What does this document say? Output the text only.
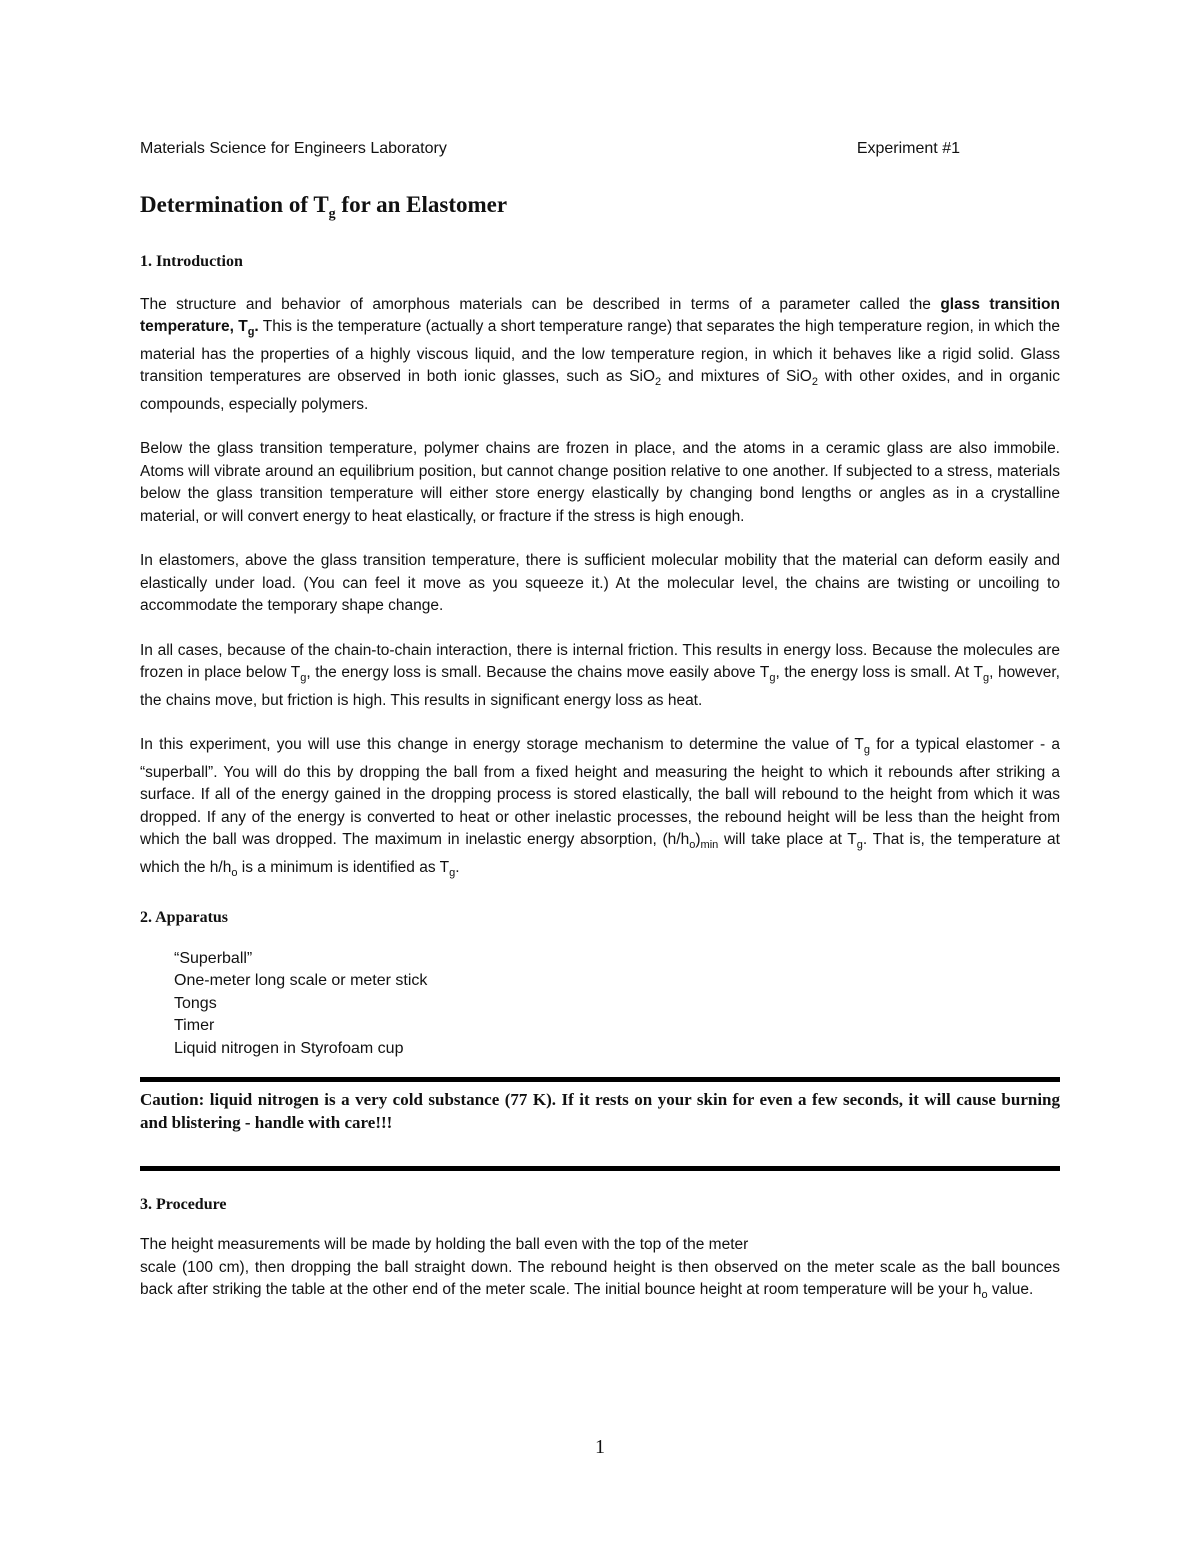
Materials Science for Engineers Laboratory	Experiment #1
Determination of $T_g$ for an Elastomer
1. Introduction

The structure and behavior of amorphous materials can be described in terms of a parameter called the glass transition temperature, $T_g$. This is the temperature (actually a short temperature range) that separates the high temperature region, in which the material has the properties of a highly viscous liquid, and the low temperature region, in which it behaves like a rigid solid. Glass transition temperatures are observed in both ionic glasses, such as SiO$_2$ and mixtures of SiO$_2$ with other oxides, and in organic compounds, especially polymers.

Below the glass transition temperature, polymer chains are frozen in place, and the atoms in a ceramic glass are also immobile. Atoms will vibrate around an equilibrium position, but cannot change position relative to one another. If subjected to a stress, materials below the glass transition temperature will either store energy elastically by changing bond lengths or angles as in a crystalline material, or will convert energy to heat elastically, or fracture if the stress is high enough.

In elastomers, above the glass transition temperature, there is sufficient molecular mobility that the material can deform easily and elastically under load. (You can feel it move as you squeeze it.) At the molecular level, the chains are twisting or uncoiling to accommodate the temporary shape change.

In all cases, because of the chain-to-chain interaction, there is internal friction. This results in energy loss. Because the molecules are frozen in place below $T_g$, the energy loss is small. Because the chains move easily above $T_g$, the energy loss is small. At $T_g$, however, the chains move, but friction is high. This results in significant energy loss as heat.

In this experiment, you will use this change in energy storage mechanism to determine the value of $T_g$ for a typical elastomer - a “superball”. You will do this by dropping the ball from a fixed height and measuring the height to which it rebounds after striking a surface. If all of the energy gained in the dropping process is stored elastically, the ball will rebound to the height from which it was dropped. If any of the energy is converted to heat or other inelastic processes, the rebound height will be less than the height from which the ball was dropped. The maximum in inelastic energy absorption, $(h/h_o)_{min}$ will take place at $T_g$. That is, the temperature at which the $h/h_o$ is a minimum is identified as $T_g$.

2. Apparatus
“Superball”
One-meter long scale or meter stick
Tongs
Timer
Liquid nitrogen in Styrofoam cup

Caution: liquid nitrogen is a very cold substance (77 K). If it rests on your skin for even a few seconds, it will cause burning and blistering - handle with care!!!

3. Procedure

The height measurements will be made by holding the ball even with the top of the meter

scale (100 cm), then dropping the ball straight down. The rebound height is then observed on the meter scale as the ball bounces back after striking the table at the other end of the meter scale. The initial bounce height at room temperature will be your $h_o$ value.

1
